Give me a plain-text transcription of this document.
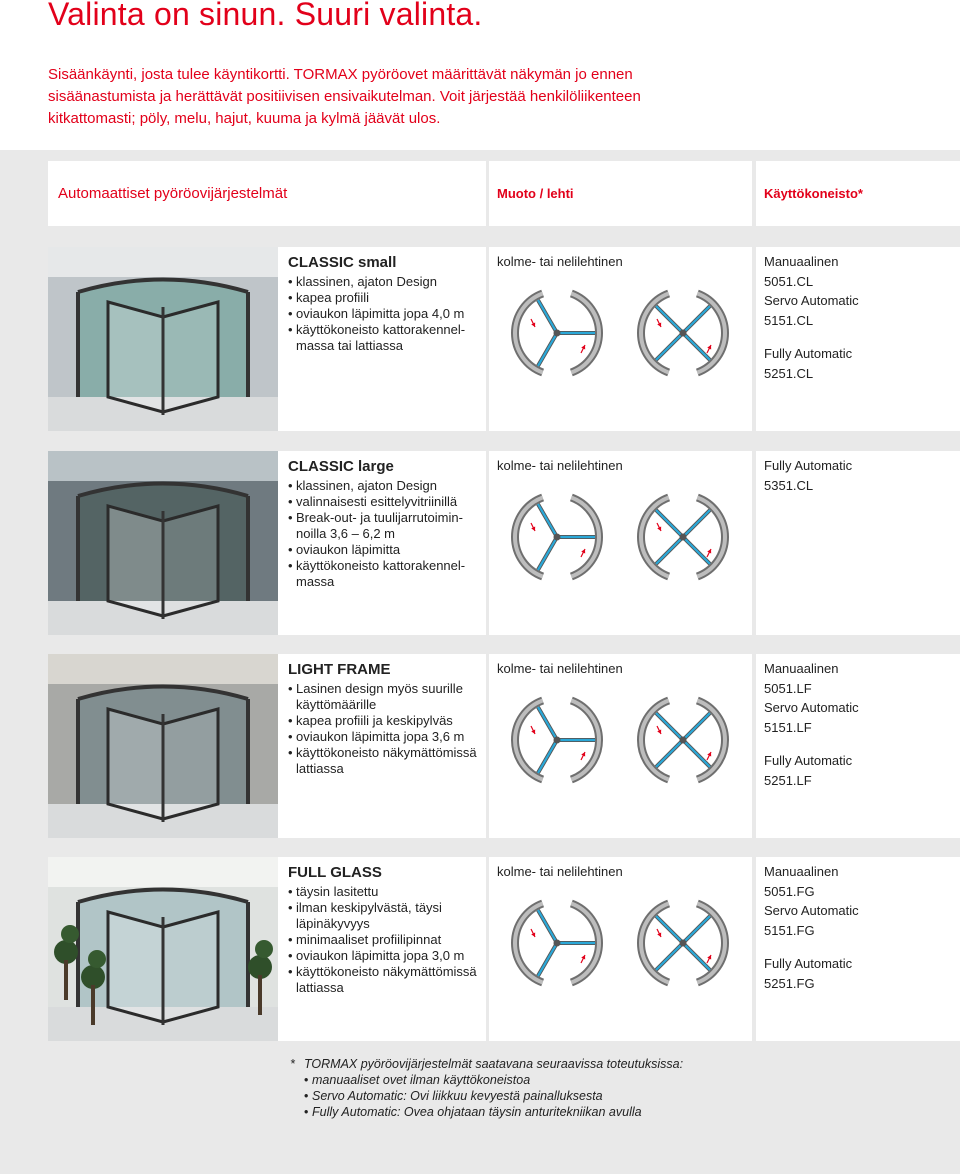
Valinta on sinun. Suuri valinta.
Sisäänkäynti, josta tulee käyntikortti. TORMAX pyöröovet määrittävät näkymän jo ennen
sisäänastumista ja herättävät positiivisen ensivaikutelman. Voit järjestää henkilöliikenteen
kitkattomasti; pöly, melu, hajut, kuuma ja kylmä jäävät ulos.
Automaattiset pyöröovijärjestelmät	Muoto / lehti	Käyttökoneisto*
CLASSIC small
• klassinen, ajaton Design
• kapea profiili
• oviaukon läpimitta jopa 4,0 m
• käyttökoneisto kattorakennel-
massa tai lattiassa
kolme- tai nelilehtinen	Manuaalinen
5051.CL
Servo Automatic
5151.CL
Fully Automatic
5251.CL
CLASSIC large
• klassinen, ajaton Design
• valinnaisesti esittelyvitriinillä
• Break-out- ja tuulijarrutoimin-
noilla 3,6 – 6,2 m
• oviaukon läpimitta
• käyttökoneisto kattorakennel-
massa
kolme- tai nelilehtinen	Fully Automatic
5351.CL
LIGHT FRAME
• Lasinen design myös suurille
käyttömäärille
• kapea profiili ja keskipylväs
• oviaukon läpimitta jopa 3,6 m
• käyttökoneisto näkymättömissä
lattiassa
kolme- tai nelilehtinen	Manuaalinen
5051.LF
Servo Automatic
5151.LF
Fully Automatic
5251.LF
FULL GLASS
• täysin lasitettu
• ilman keskipylvästä, täysi
läpinäkyvyys
• minimaaliset profiilipinnat
• oviaukon läpimitta jopa 3,0 m
• käyttökoneisto näkymättömissä
lattiassa
kolme- tai nelilehtinen	Manuaalinen
5051.FG
Servo Automatic
5151.FG
Fully Automatic
5251.FG
* TORMAX pyöröovijärjestelmät saatavana seuraavissa toteutuksissa:
• manuaaliset ovet ilman käyttökoneistoa
• Servo Automatic: Ovi liikkuu kevyestä painalluksesta
• Fully Automatic: Ovea ohjataan täysin anturitekniikan avulla
